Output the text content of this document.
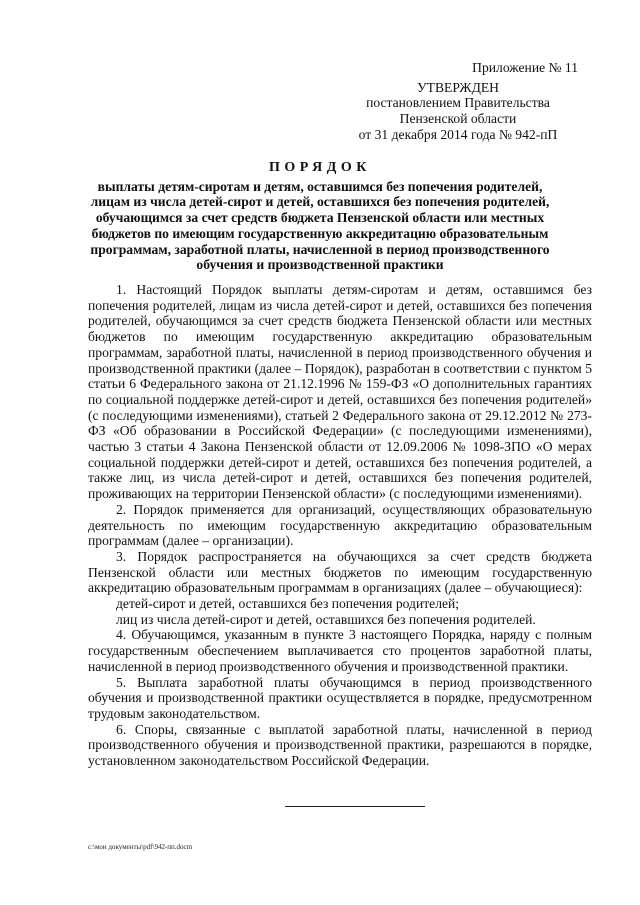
Приложение № 11
УТВЕРЖДЕН
постановлением Правительства
Пензенской области
от 31 декабря 2014 года № 942-пП
ПОРЯДОК
выплаты детям-сиротам и детям, оставшимся без попечения родителей, лицам из числа детей-сирот и детей, оставшихся без попечения родителей, обучающимся за счет средств бюджета Пензенской области или местных бюджетов по имеющим государственную аккредитацию образовательным программам, заработной платы, начисленной в период производственного обучения и производственной практики

1. Настоящий Порядок выплаты детям-сиротам и детям, оставшимся без попечения родителей, лицам из числа детей-сирот и детей, оставшихся без попечения родителей, обучающимся за счет средств бюджета Пензенской области или местных бюджетов по имеющим государственную аккредитацию образовательным программам, заработной платы, начисленной в период производственного обучения и производственной практики (далее – Порядок), разработан в соответствии с пунктом 5 статьи 6 Федерального закона от 21.12.1996 № 159-ФЗ «О дополнительных гарантиях по социальной поддержке детей-сирот и детей, оставшихся без попечения родителей» (с последующими изменениями), статьей 2 Федерального закона от 29.12.2012 № 273-ФЗ «Об образовании в Российской Федерации» (с последующими изменениями), частью 3 статьи 4 Закона Пензенской области от 12.09.2006 № 1098-ЗПО «О мерах социальной поддержки детей-сирот и детей, оставшихся без попечения родителей, а также лиц, из числа детей-сирот и детей, оставшихся без попечения родителей, проживающих на территории Пензенской области» (с последующими изменениями).

2. Порядок применяется для организаций, осуществляющих образовательную деятельность по имеющим государственную аккредитацию образовательным программам (далее – организации).

3. Порядок распространяется на обучающихся за счет средств бюджета Пензенской области или местных бюджетов по имеющим государственную аккредитацию образовательным программам в организациях (далее – обучающиеся):

детей-сирот и детей, оставшихся без попечения родителей;

лиц из числа детей-сирот и детей, оставшихся без попечения родителей.

4. Обучающимся, указанным в пункте 3 настоящего Порядка, наряду с полным государственным обеспечением выплачивается сто процентов заработной платы, начисленной в период производственного обучения и производственной практики.

5. Выплата заработной платы обучающимся в период производственного обучения и производственной практики осуществляется в порядке, предусмотренном трудовым законодательством.

6. Споры, связанные с выплатой заработной платы, начисленной в период производственного обучения и производственной практики, разрешаются в порядке, установленном законодательством Российской Федерации.

c:\мои документы\pdf\942-пп.docm
